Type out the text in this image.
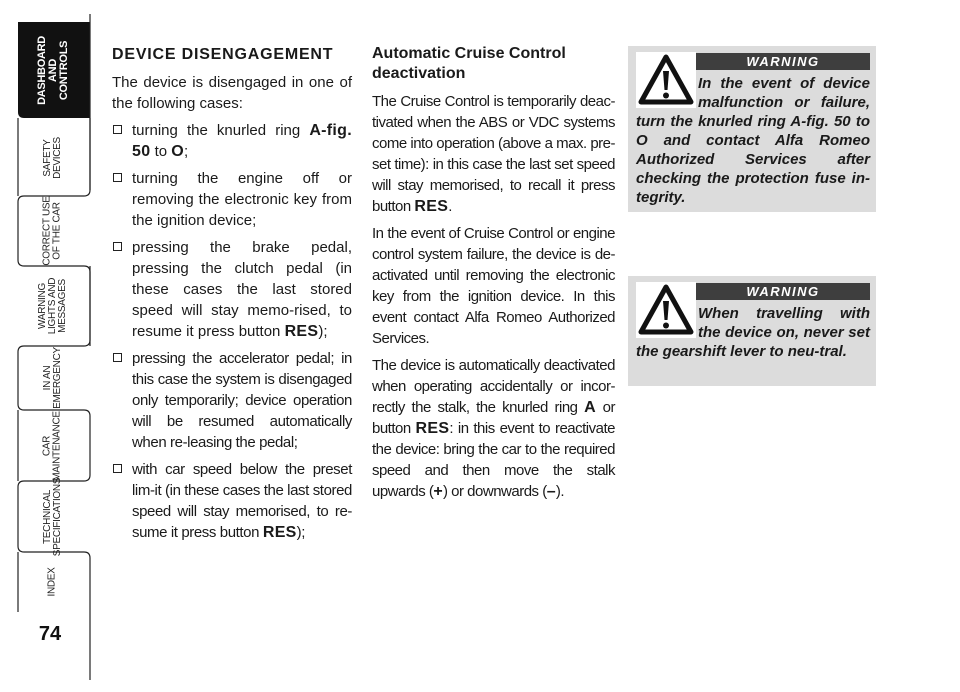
DASHBOARD
AND
CONTROLS
SAFETY
DEVICES
CORRECT USE
OF THE CAR
WARNING
LIGHTS AND
MESSAGES
IN AN
EMERGENCY
CAR
MAINTENANCE
TECHNICAL
SPECIFICATIONS
INDEX
74
DEVICE DISENGAGEMENT

The device is disengaged in one of the following cases:

turning the knurled ring A-fig. 50 to O;
turning the engine off or removing the electronic key from the ignition device;
pressing the brake pedal, pressing the clutch pedal (in these cases the last stored speed will stay memo-rised, to resume it press button RES);
pressing the accelerator pedal; in this case the system is disengaged only temporarily; device operation will be resumed automatically when re-leasing the pedal;
with car speed below the preset lim-it (in these cases the last stored speed will stay memorised, to re-sume it press button RES);
Automatic Cruise Control deactivation

The Cruise Control is temporarily deac-tivated when the ABS or VDC systems come into operation (above a max. pre-set time): in this case the last set speed will stay memorised, to recall it press button RES.

In the event of Cruise Control or engine control system failure, the device is de-activated until removing the electronic key from the ignition device. In this event contact Alfa Romeo Authorized Services.

The device is automatically deactivated when operating accidentally or incor-rectly the stalk, the knurled ring A or button RES: in this event to reactivate the device: bring the car to the required speed and then move the stalk upwards (+) or downwards (–).

WARNING
In the event of device malfunction or failure, turn the knurled ring A-fig. 50 to O and contact Alfa Romeo Authorized Services after checking the protection fuse in-tegrity.
WARNING
When travelling with the device on, never set the gearshift lever to neu-tral.
